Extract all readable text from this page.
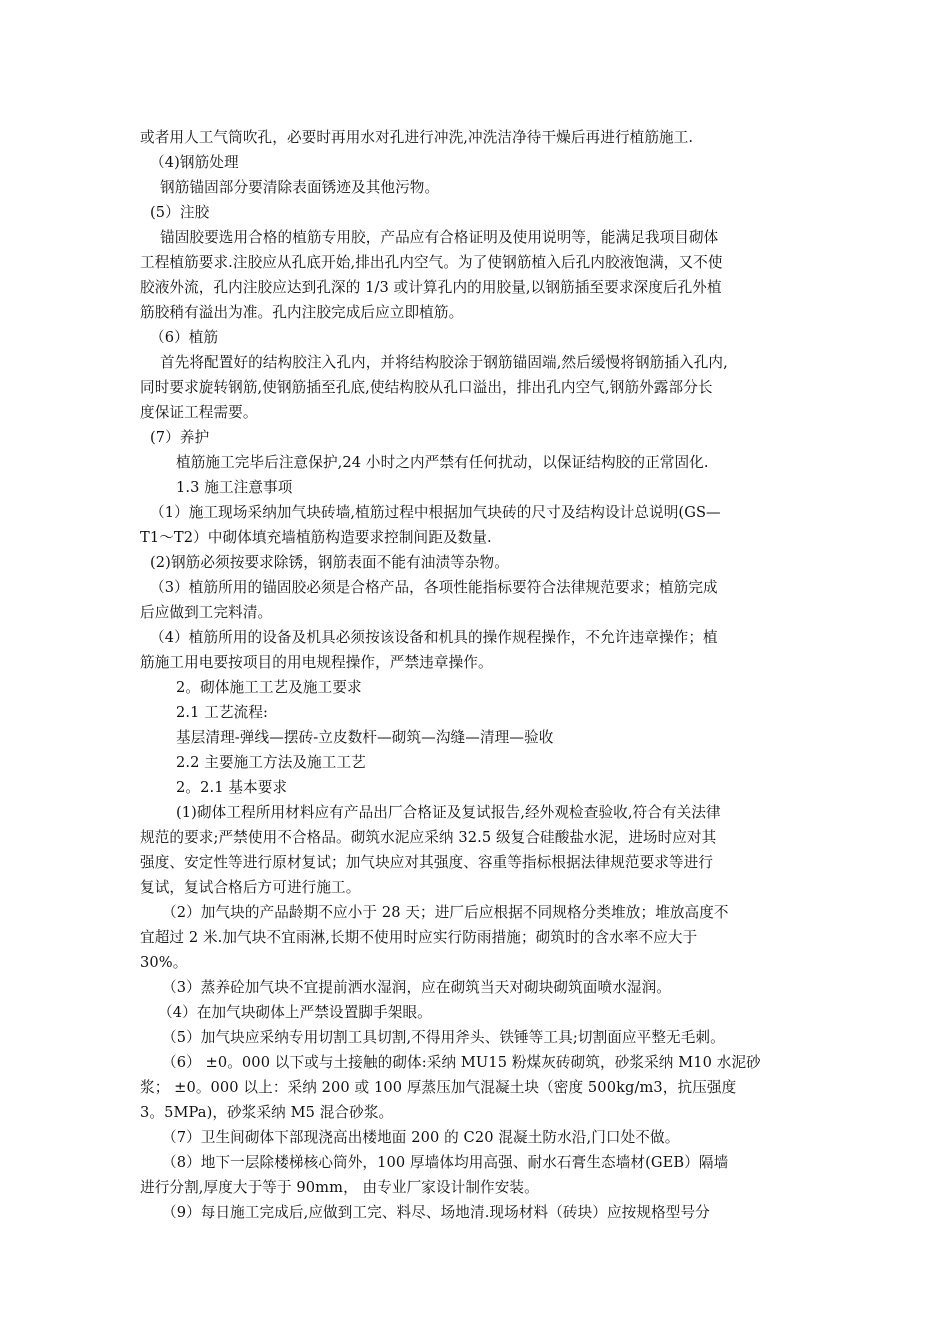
或者用人工气筒吹孔，必要时再用水对孔进行冲洗,冲洗洁净待干燥后再进行植筋施工.
（4)钢筋处理
钢筋锚固部分要清除表面锈迹及其他污物。
(5）注胶
锚固胶要选用合格的植筋专用胶，产品应有合格证明及使用说明等，能满足我项目砌体
工程植筋要求.注胶应从孔底开始,排出孔内空气。为了使钢筋植入后孔内胶液饱满，又不使
胶液外流，孔内注胶应达到孔深的 1/3 或计算孔内的用胶量,以钢筋插至要求深度后孔外植
筋胶稍有溢出为准。孔内注胶完成后应立即植筋。
（6）植筋
首先将配置好的结构胶注入孔内，并将结构胶涂于钢筋锚固端,然后缓慢将钢筋插入孔内,
同时要求旋转钢筋,使钢筋插至孔底,使结构胶从孔口溢出，排出孔内空气,钢筋外露部分长
度保证工程需要。
(7）养护
植筋施工完毕后注意保护,24 小时之内严禁有任何扰动，以保证结构胶的正常固化.
1.3 施工注意事项
（1）施工现场采纳加气块砖墙,植筋过程中根据加气块砖的尺寸及结构设计总说明(GS—
T1～T2）中砌体填充墙植筋构造要求控制间距及数量.
(2)钢筋必须按要求除锈，钢筋表面不能有油渍等杂物。
（3）植筋所用的锚固胶必须是合格产品，各项性能指标要符合法律规范要求；植筋完成
后应做到工完料清。
（4）植筋所用的设备及机具必须按该设备和机具的操作规程操作，不允许违章操作；植
筋施工用电要按项目的用电规程操作，严禁违章操作。
2。砌体施工工艺及施工要求
2.1 工艺流程:
基层清理-弹线—摆砖-立皮数杆—砌筑—沟缝—清理—验收
2.2 主要施工方法及施工工艺
2。2.1 基本要求
(1)砌体工程所用材料应有产品出厂合格证及复试报告,经外观检查验收,符合有关法律
规范的要求;严禁使用不合格品。砌筑水泥应采纳 32.5 级复合硅酸盐水泥，进场时应对其
强度、安定性等进行原材复试；加气块应对其强度、容重等指标根据法律规范要求等进行
复试，复试合格后方可进行施工。
（2）加气块的产品龄期不应小于 28 天；进厂后应根据不同规格分类堆放；堆放高度不
宜超过 2 米.加气块不宜雨淋,长期不使用时应实行防雨措施；砌筑时的含水率不应大于
30%。
（3）蒸养砼加气块不宜提前洒水湿润，应在砌筑当天对砌块砌筑面喷水湿润。
（4）在加气块砌体上严禁设置脚手架眼。
（5）加气块应采纳专用切割工具切割,不得用斧头、铁锤等工具;切割面应平整无毛刺。
（6） ±0。000 以下或与土接触的砌体:采纳 MU15 粉煤灰砖砌筑，砂浆采纳 M10 水泥砂
浆； ±0。000 以上：采纳 200 或 100 厚蒸压加气混凝土块（密度 500kg/m3，抗压强度
3。5MPa)，砂浆采纳 M5 混合砂浆。
（7）卫生间砌体下部现浇高出楼地面 200 的 C20 混凝土防水沿,门口处不做。
（8）地下一层除楼梯核心筒外，100 厚墙体均用高强、耐水石膏生态墙材(GEB）隔墙
进行分割,厚度大于等于 90mm， 由专业厂家设计制作安装。
（9）每日施工完成后,应做到工完、料尽、场地清.现场材料（砖块）应按规格型号分
